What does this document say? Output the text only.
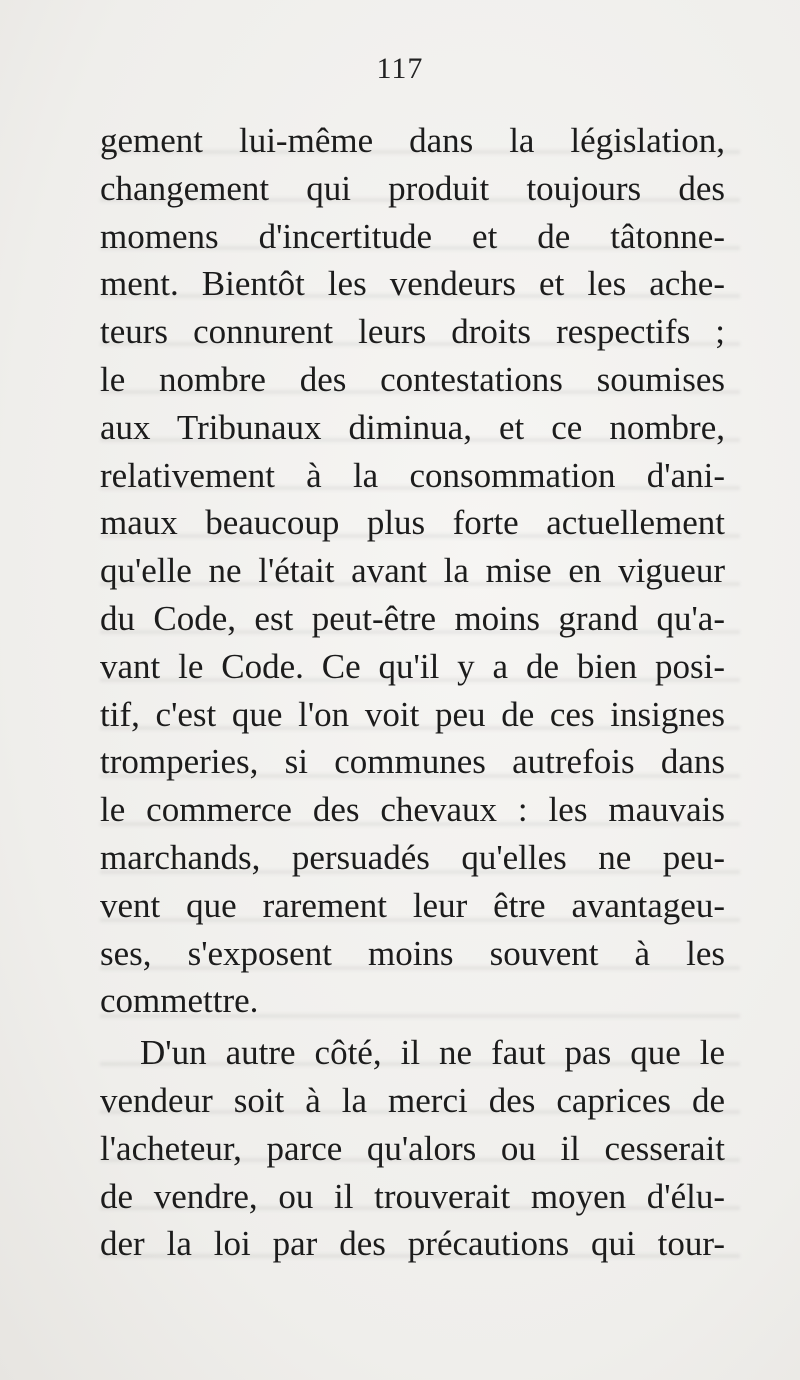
117
gement lui-même dans la législation,
changement qui produit toujours des
momens d'incertitude et de tâtonne-
ment. Bientôt les vendeurs et les ache-
teurs connurent leurs droits respectifs ;
le nombre des contestations soumises
aux Tribunaux diminua, et ce nombre,
relativement à la consommation d'ani-
maux beaucoup plus forte actuellement
qu'elle ne l'était avant la mise en vigueur
du Code, est peut-être moins grand qu'a-
vant le Code. Ce qu'il y a de bien posi-
tif, c'est que l'on voit peu de ces insignes
tromperies, si communes autrefois dans
le commerce des chevaux : les mauvais
marchands, persuadés qu'elles ne peu-
vent que rarement leur être avantageu-
ses, s'exposent moins souvent à les
commettre.
D'un autre côté, il ne faut pas que le
vendeur soit à la merci des caprices de
l'acheteur, parce qu'alors ou il cesserait
de vendre, ou il trouverait moyen d'élu-
der la loi par des précautions qui tour-
